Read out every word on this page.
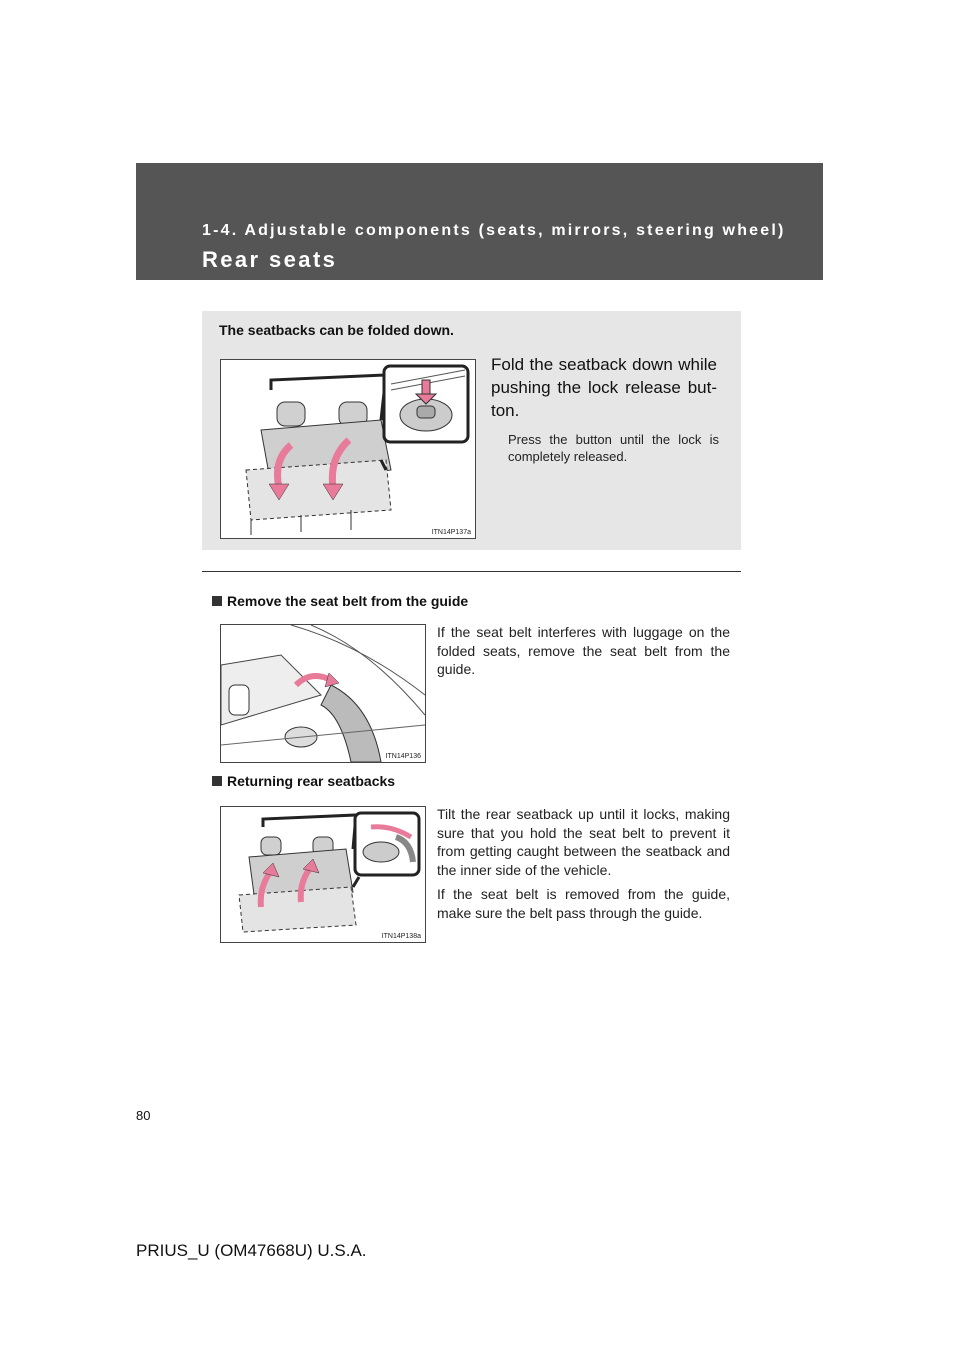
1-4. Adjustable components (seats, mirrors, steering wheel)
Rear seats
The seatbacks can be folded down.
ITN14P137a
Fold the seatback down while pushing the lock release but-ton.
Press the button until the lock is completely released.
Remove the seat belt from the guide
ITN14P136

If the seat belt interferes with luggage on the folded seats, remove the seat belt from the guide.

Returning rear seatbacks
ITN14P138a

Tilt the rear seatback up until it locks, making sure that you hold the seat belt to prevent it from getting caught between the seatback and the inner side of the vehicle.

If the seat belt is removed from the guide, make sure the belt pass through the guide.

80
PRIUS_U (OM47668U) U.S.A.
